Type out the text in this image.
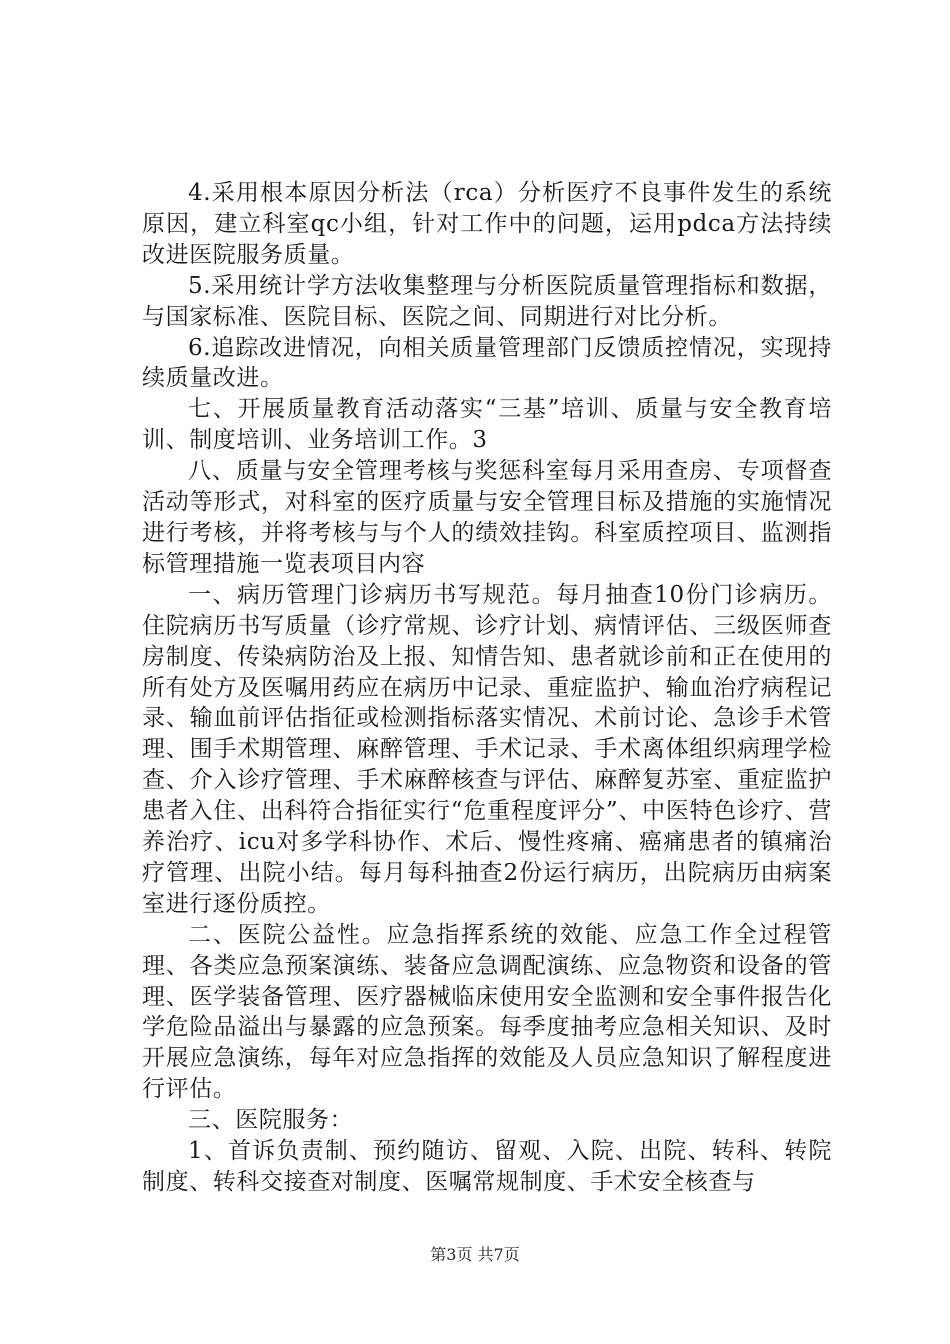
4.采用根本原因分析法（rca）分析医疗不良事件发生的系统原因，建立科室qc小组，针对工作中的问题，运用pdca方法持续改进医院服务质量。

5.采用统计学方法收集整理与分析医院质量管理指标和数据，与国家标准、医院目标、医院之间、同期进行对比分析。

6.追踪改进情况，向相关质量管理部门反馈质控情况，实现持续质量改进。

七、开展质量教育活动落实“三基”培训、质量与安全教育培训、制度培训、业务培训工作。3

八、质量与安全管理考核与奖惩科室每月采用查房、专项督查活动等形式，对科室的医疗质量与安全管理目标及措施的实施情况进行考核，并将考核与与个人的绩效挂钩。科室质控项目、监测指标管理措施一览表项目内容

一、病历管理门诊病历书写规范。每月抽查10份门诊病历。住院病历书写质量（诊疗常规、诊疗计划、病情评估、三级医师查房制度、传染病防治及上报、知情告知、患者就诊前和正在使用的所有处方及医嘱用药应在病历中记录、重症监护、输血治疗病程记录、输血前评估指征或检测指标落实情况、术前讨论、急诊手术管理、围手术期管理、麻醉管理、手术记录、手术离体组织病理学检查、介入诊疗管理、手术麻醉核查与评估、麻醉复苏室、重症监护患者入住、出科符合指征实行“危重程度评分”、中医特色诊疗、营养治疗、icu对多学科协作、术后、慢性疼痛、癌痛患者的镇痛治疗管理、出院小结。每月每科抽查2份运行病历，出院病历由病案室进行逐份质控。

二、医院公益性。应急指挥系统的效能、应急工作全过程管理、各类应急预案演练、装备应急调配演练、应急物资和设备的管理、医学装备管理、医疗器械临床使用安全监测和安全事件报告化学危险品溢出与暴露的应急预案。每季度抽考应急相关知识、及时开展应急演练，每年对应急指挥的效能及人员应急知识了解程度进行评估。

三、医院服务：

1、首诉负责制、预约随访、留观、入院、出院、转科、转院制度、转科交接查对制度、医嘱常规制度、手术安全核查与

第3页 共7页
